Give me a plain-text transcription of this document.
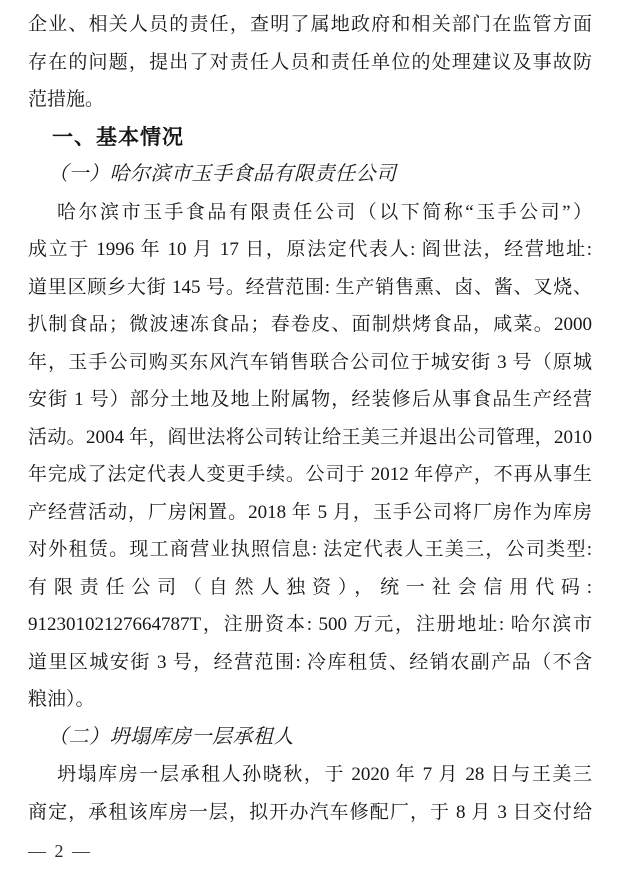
企业、相关人员的责任，查明了属地政府和相关部门在监管方面
存在的问题，提出了对责任人员和责任单位的处理建议及事故防
范措施。
一、基本情况
（一）哈尔滨市玉手食品有限责任公司
哈尔滨市玉手食品有限责任公司（以下简称“玉手公司”）
成立于 1996 年 10 月 17 日，原法定代表人: 阎世法，经营地址:
道里区顾乡大街 145 号。经营范围: 生产销售熏、卤、酱、叉烧、
扒制食品；微波速冻食品；春卷皮、面制烘烤食品，咸菜。2000
年，玉手公司购买东风汽车销售联合公司位于城安街 3 号（原城
安街 1 号）部分土地及地上附属物，经装修后从事食品生产经营
活动。2004 年，阎世法将公司转让给王美三并退出公司管理，2010
年完成了法定代表人变更手续。公司于 2012 年停产，不再从事生
产经营活动，厂房闲置。2018 年 5 月，玉手公司将厂房作为库房
对外租赁。现工商营业执照信息: 法定代表人王美三，公司类型:
有限责任公司（自然人独资），统一社会信用代码:
91230102127664787T，注册资本: 500 万元，注册地址: 哈尔滨市
道里区城安街 3 号，经营范围: 冷库租赁、经销农副产品（不含
粮油）。
（二）坍塌库房一层承租人
坍塌库房一层承租人孙晓秋，于 2020 年 7 月 28 日与王美三
商定，承租该库房一层，拟开办汽车修配厂，于 8 月 3 日交付给
— 2 —
